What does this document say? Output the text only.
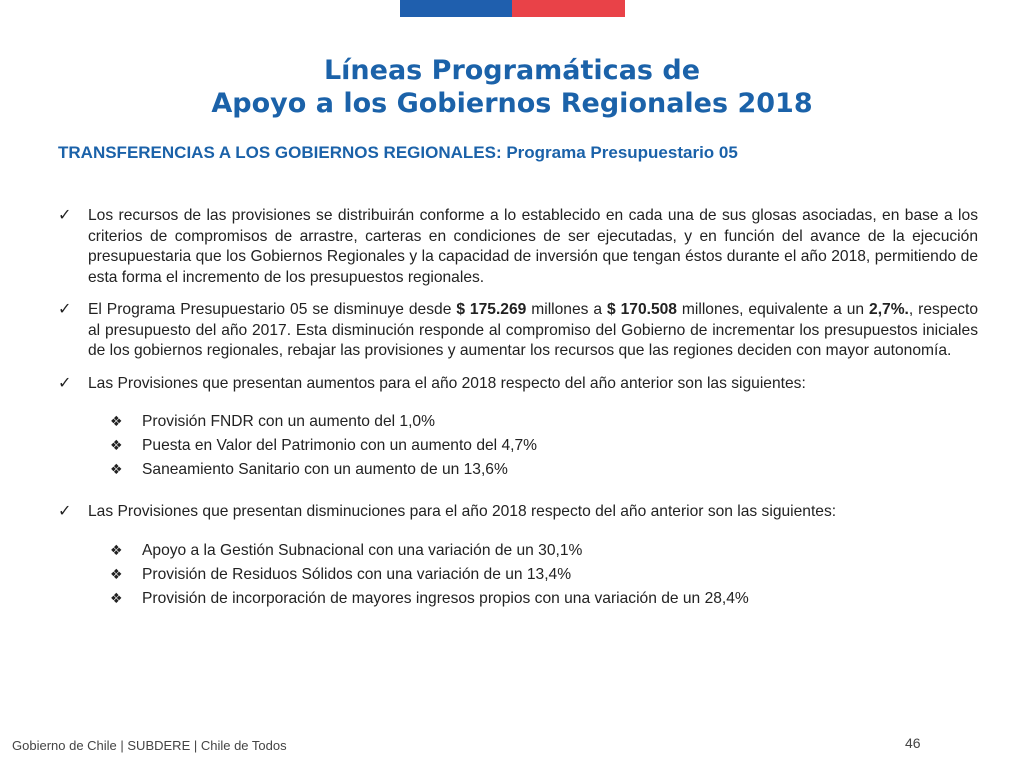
Líneas Programáticas de
Apoyo a los Gobiernos Regionales 2018
TRANSFERENCIAS A LOS GOBIERNOS REGIONALES: Programa Presupuestario 05
✓ Los recursos de las provisiones se distribuirán conforme a lo establecido en cada una de sus glosas asociadas, en base a los criterios de compromisos de arrastre, carteras en condiciones de ser ejecutadas, y en función del avance de la ejecución presupuestaria que los Gobiernos Regionales y la capacidad de inversión que tengan éstos durante el año 2018, permitiendo de esta forma el incremento de los presupuestos regionales.
✓ El Programa Presupuestario 05 se disminuye desde $ 175.269 millones a $ 170.508 millones, equivalente a un 2,7%., respecto al presupuesto del año 2017. Esta disminución responde al compromiso del Gobierno de incrementar los presupuestos iniciales de los gobiernos regionales, rebajar las provisiones y aumentar los recursos que las regiones deciden con mayor autonomía.
✓ Las Provisiones que presentan aumentos para el año 2018 respecto del año anterior son las siguientes:
❖ Provisión FNDR con un aumento del 1,0%
❖ Puesta en Valor del Patrimonio con un aumento del 4,7%
❖ Saneamiento Sanitario con un aumento de un 13,6%
✓ Las Provisiones que presentan disminuciones para el año 2018 respecto del año anterior son las siguientes:
❖ Apoyo a la Gestión Subnacional con una variación de un 30,1%
❖ Provisión de Residuos Sólidos con una variación de un 13,4%
❖ Provisión de incorporación de mayores ingresos propios con una variación de un 28,4%
Gobierno de Chile | SUBDERE | Chile de Todos	46
